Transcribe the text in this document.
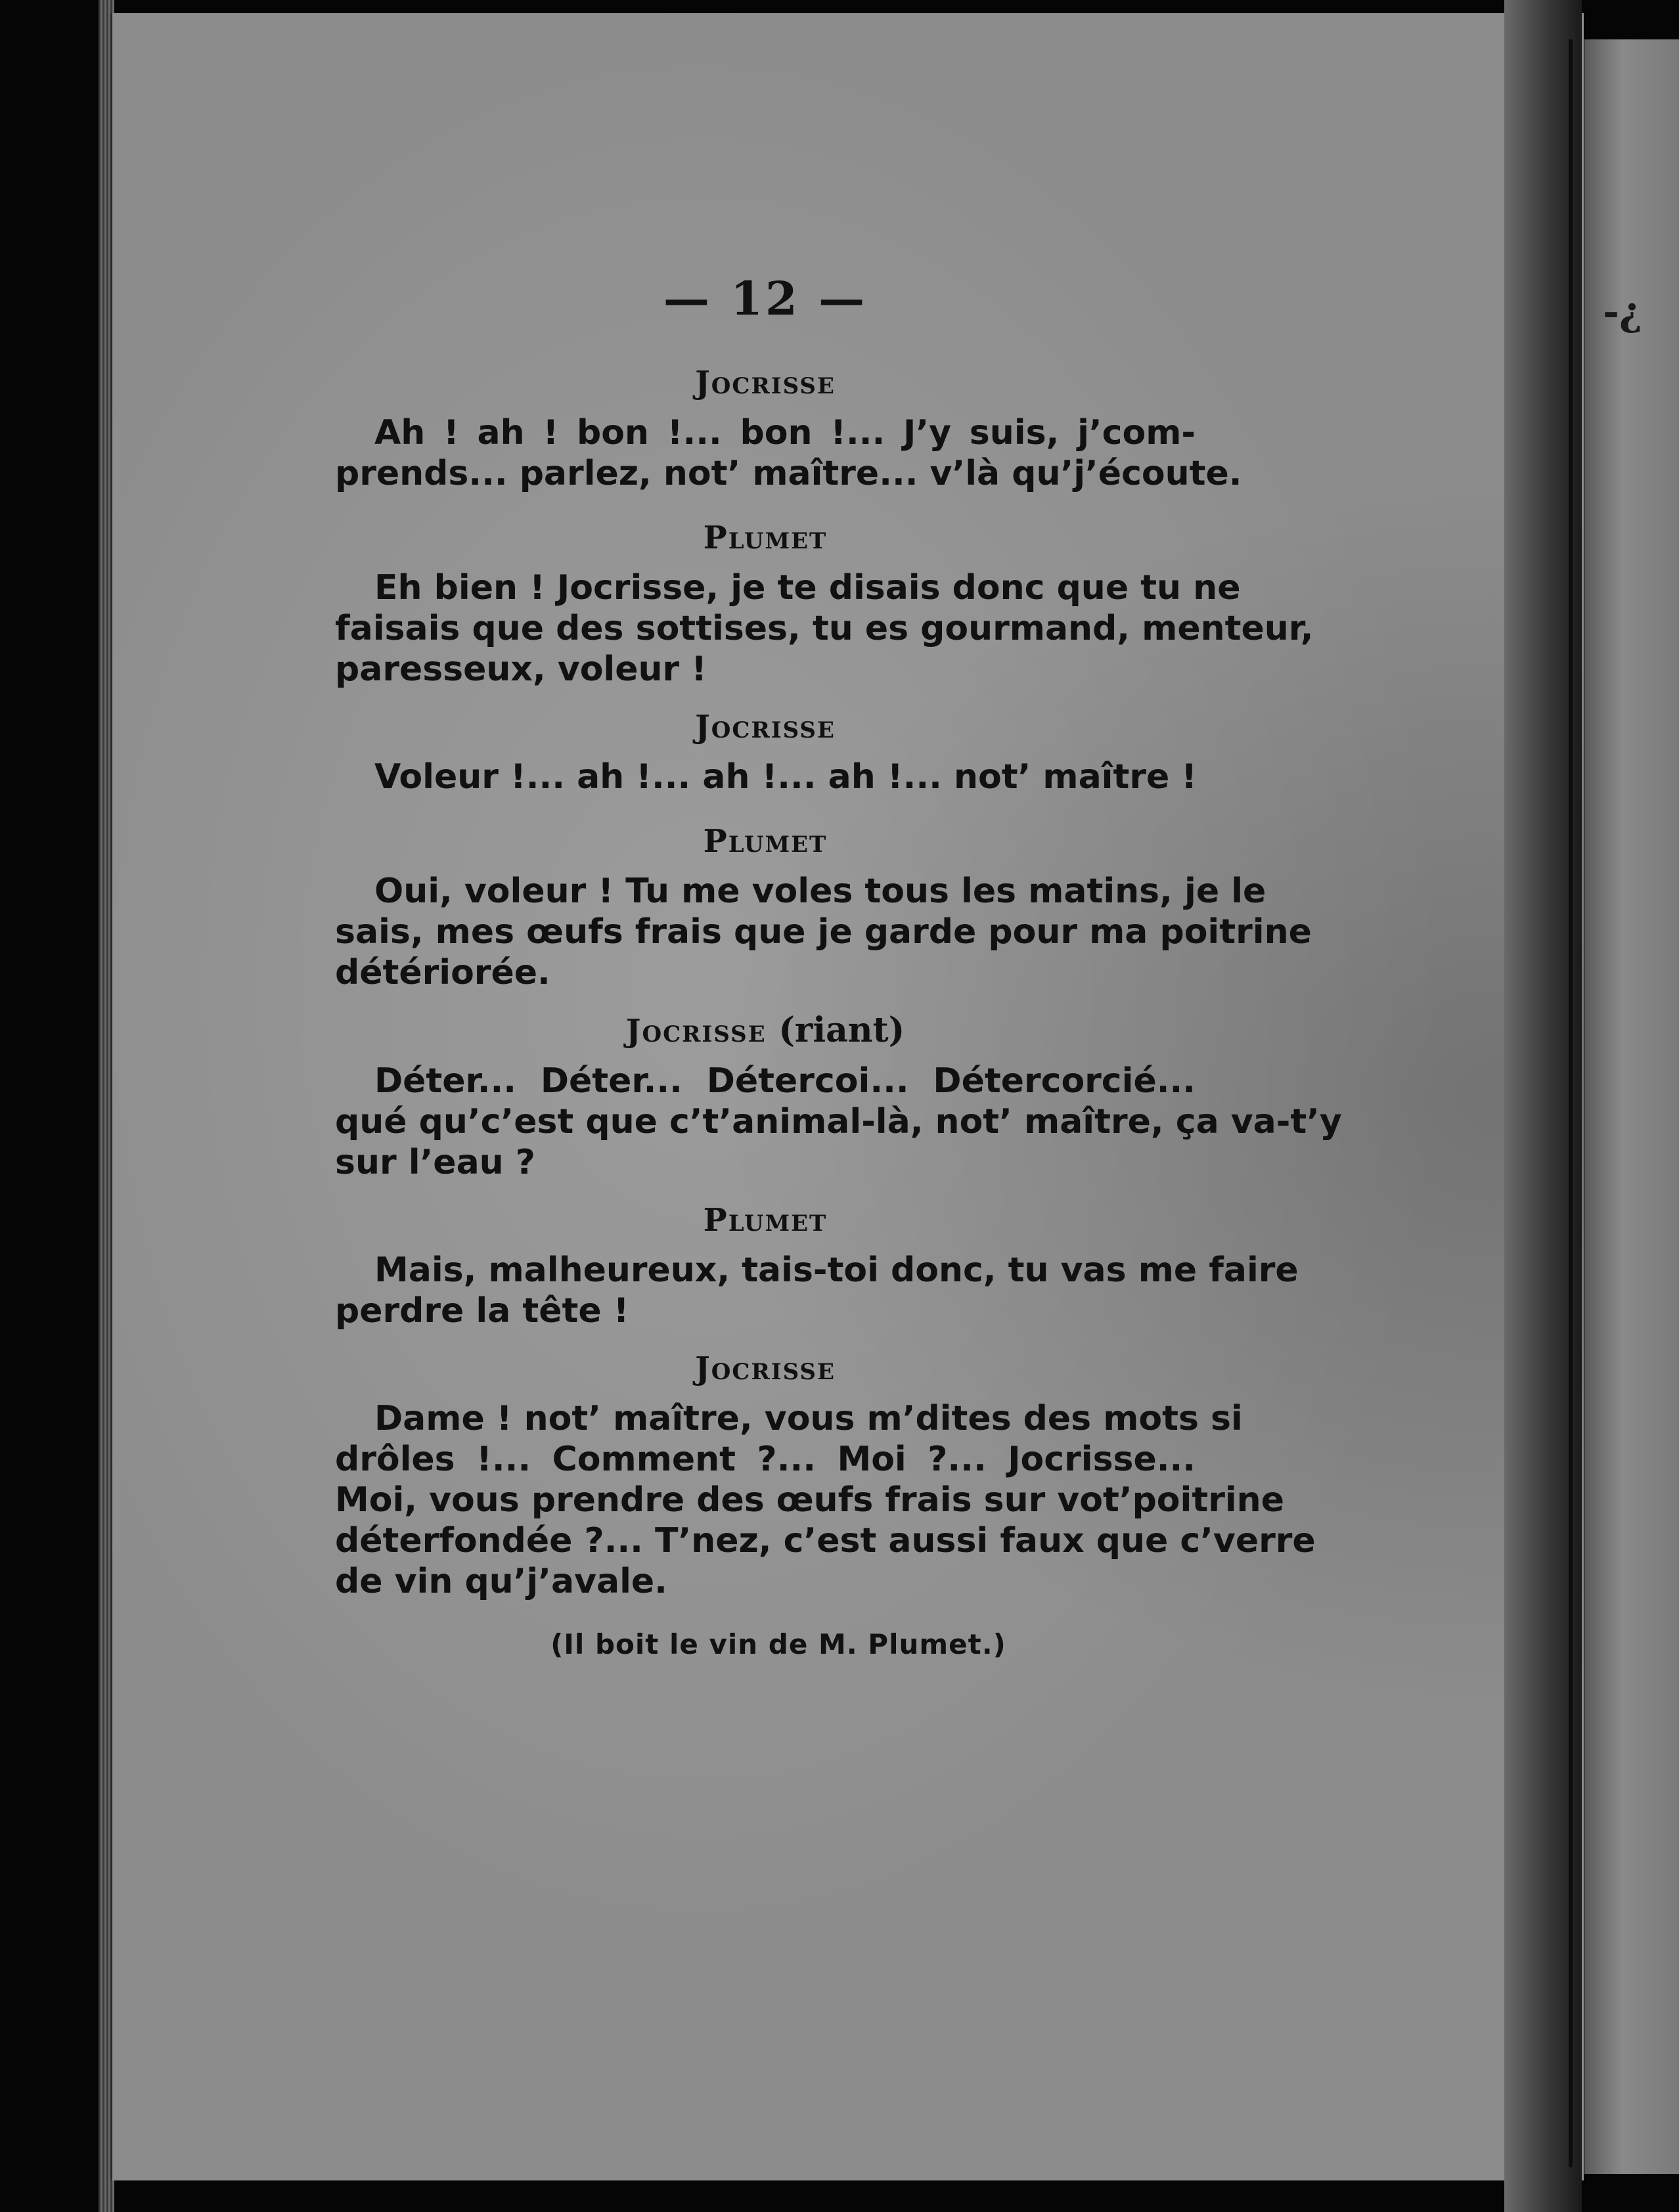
-¿
— 12 —
Jocrisse
Ah ! ah ! bon !... bon !... J’y suis, j’com-
prends... parlez, not’ maître... v’là qu’j’écoute.
Plumet
Eh bien ! Jocrisse, je te disais donc que tu ne
faisais que des sottises, tu es gourmand, menteur,
paresseux, voleur !
Jocrisse
Voleur !... ah !... ah !... ah !... not’ maître !
Plumet
Oui, voleur ! Tu me voles tous les matins, je le
sais, mes œufs frais que je garde pour ma poitrine
détériorée.
Jocrisse (riant)
Déter... Déter... Détercoi... Détercorcié...
qué qu’c’est que c’t’animal-là, not’ maître, ça va-t’y
sur l’eau ?
Plumet
Mais, malheureux, tais-toi donc, tu vas me faire
perdre la tête !
Jocrisse
Dame ! not’ maître, vous m’dites des mots si
drôles !... Comment ?... Moi ?... Jocrisse...
Moi, vous prendre des œufs frais sur vot’poitrine
déterfondée ?... T’nez, c’est aussi faux que c’verre
de vin qu’j’avale.
(Il boit le vin de M. Plumet.)
